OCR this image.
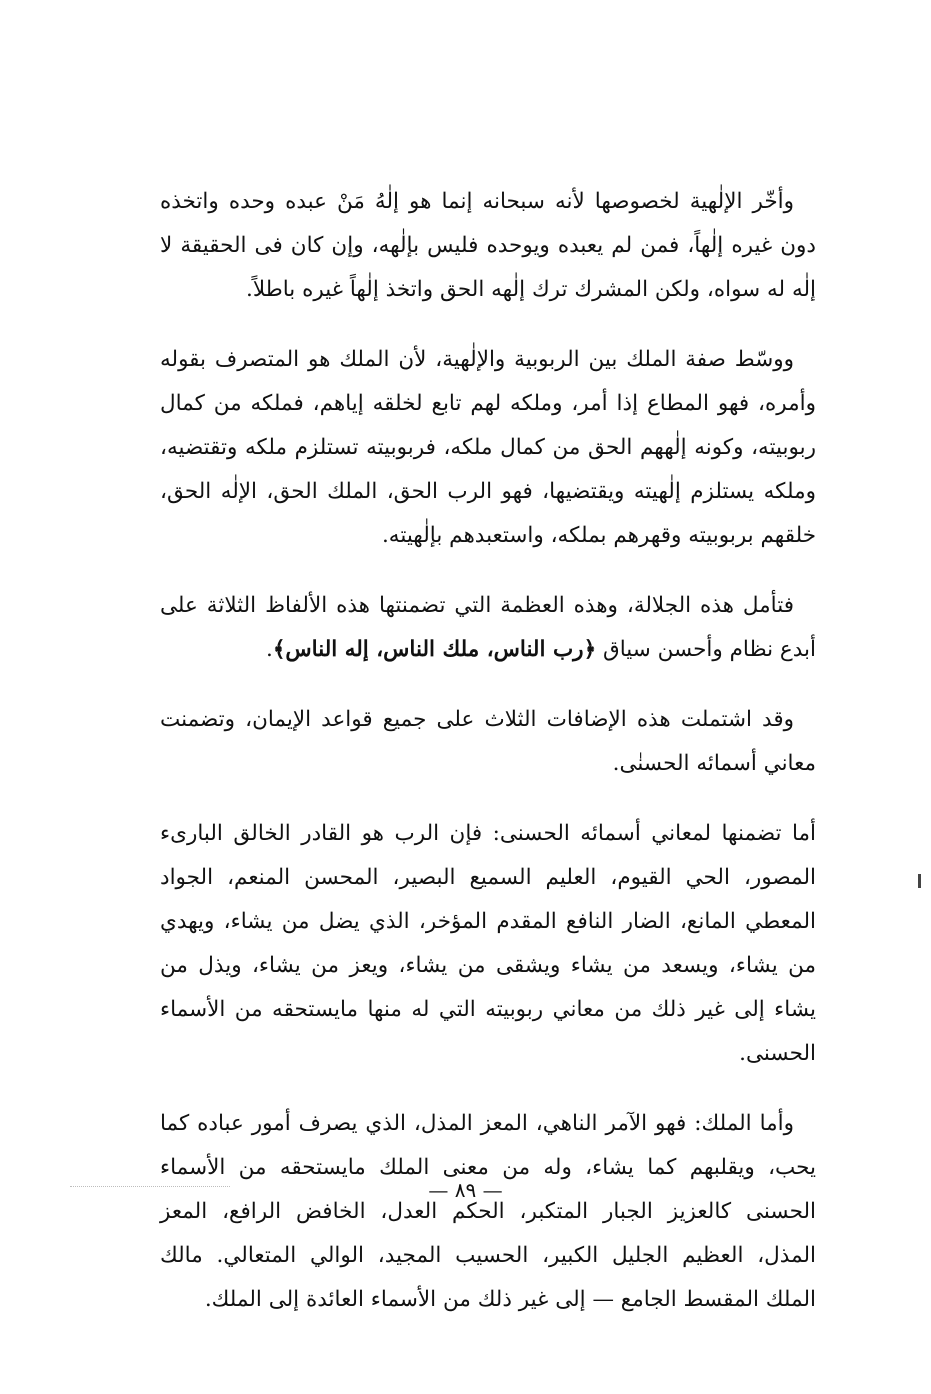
وأخّر الإلٰهية لخصوصها لأنه سبحانه إنما هو إلٰهُ مَنْ عبده وحده واتخذه دون غيره إلٰهاً، فمن لم يعبده ويوحده فليس بإلٰهه، وإن كان فى الحقيقة لا إلٰه له سواه، ولكن المشرك ترك إلٰهه الحق واتخذ إلٰهاً غيره باطلاً.

ووسّط صفة الملك بين الربوبية والإلٰهية، لأن الملك هو المتصرف بقوله وأمره، فهو المطاع إذا أمر، وملكه لهم تابع لخلقه إياهم، فملكه من كمال ربوبيته، وكونه إلٰههم الحق من كمال ملكه، فربوبيته تستلزم ملكه وتقتضيه، وملكه يستلزم إلٰهيته ويقتضيها، فهو الرب الحق، الملك الحق، الإلٰه الحق، خلقهم بربوبيته وقهرهم بملكه، واستعبدهم بإلٰهيته.

فتأمل هذه الجلالة، وهذه العظمة التي تضمنتها هذه الألفاظ الثلاثة على أبدع نظام وأحسن سياق ﴿رب الناس، ملك الناس، إله الناس﴾.

وقد اشتملت هذه الإضافات الثلاث على جميع قواعد الإيمان، وتضمنت معاني أسمائه الحسنٰى.

أما تضمنها لمعاني أسمائه الحسنى: فإن الرب هو القادر الخالق البارىء المصور، الحي القيوم، العليم السميع البصير، المحسن المنعم، الجواد المعطي المانع، الضار النافع المقدم المؤخر، الذي يضل من يشاء، ويهدي من يشاء، ويسعد من يشاء ويشقى من يشاء، ويعز من يشاء، ويذل من يشاء إلى غير ذلك من معاني ربوبيته التي له منها مايستحقه من الأسماء الحسنى.

وأما الملك: فهو الآمر الناهي، المعز المذل، الذي يصرف أمور عباده كما يحب، ويقلبهم كما يشاء، وله من معنى الملك مايستحقه من الأسماء الحسنى كالعزيز الجبار المتكبر، الحكم العدل، الخافض الرافع، المعز المذل، العظيم الجليل الكبير، الحسيب المجيد، الوالي المتعالي. مالك الملك المقسط الجامع — إلى غير ذلك من الأسماء العائدة إلى الملك.

— ٨٩ —
